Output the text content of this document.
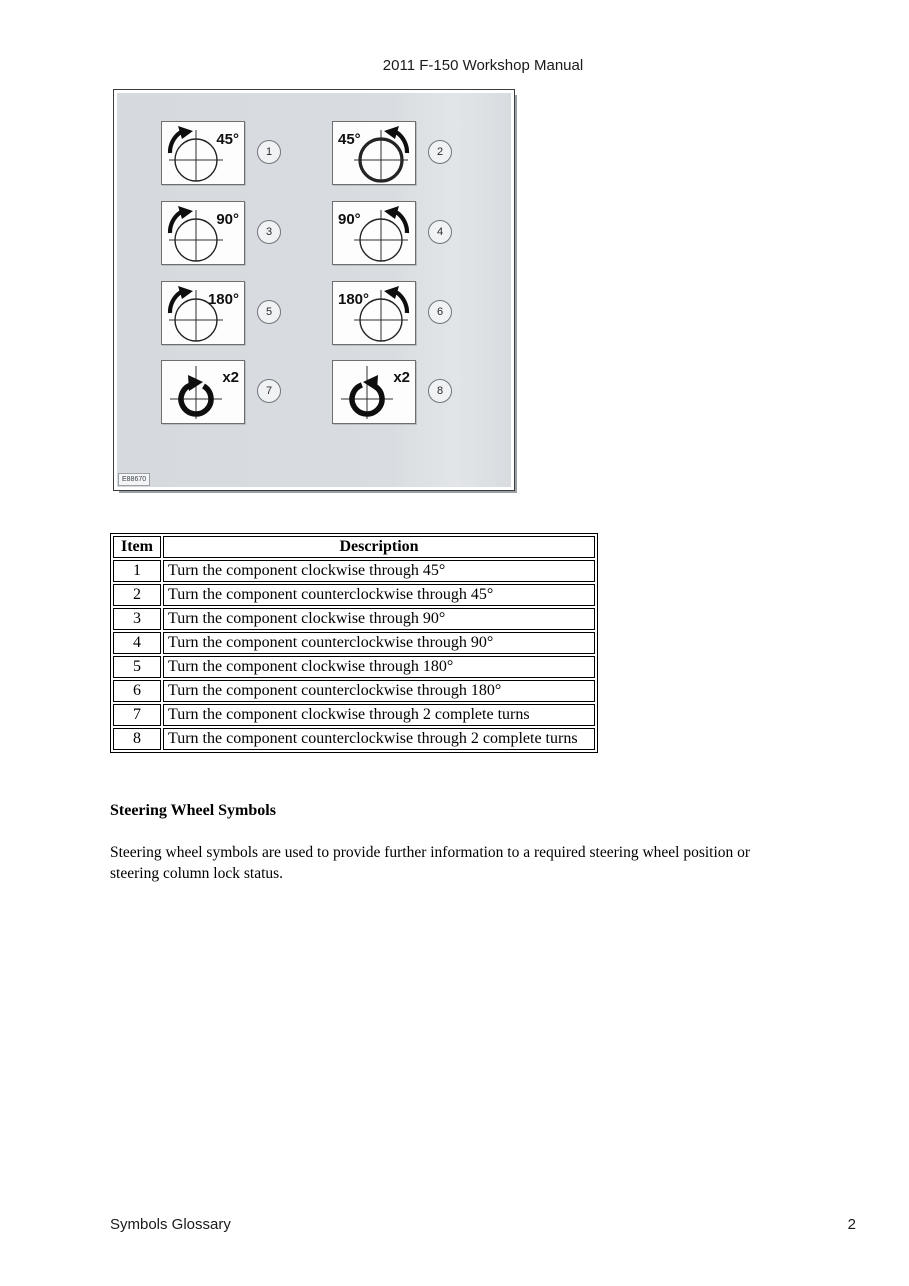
2011 F-150 Workshop Manual
E88670
45°
1
45°
2
90°
3
90°
4
180°
5
180°
6
x2
7
x2
8
Item	Description
1	Turn the component clockwise through 45°
2	Turn the component counterclockwise through 45°
3	Turn the component clockwise through 90°
4	Turn the component counterclockwise through 90°
5	Turn the component clockwise through 180°
6	Turn the component counterclockwise through 180°
7	Turn the component clockwise through 2 complete turns
8	Turn the component counterclockwise through 2 complete turns
Steering Wheel Symbols
Steering wheel symbols are used to provide further information to a required steering wheel position or
steering column lock status.
Symbols Glossary	2
